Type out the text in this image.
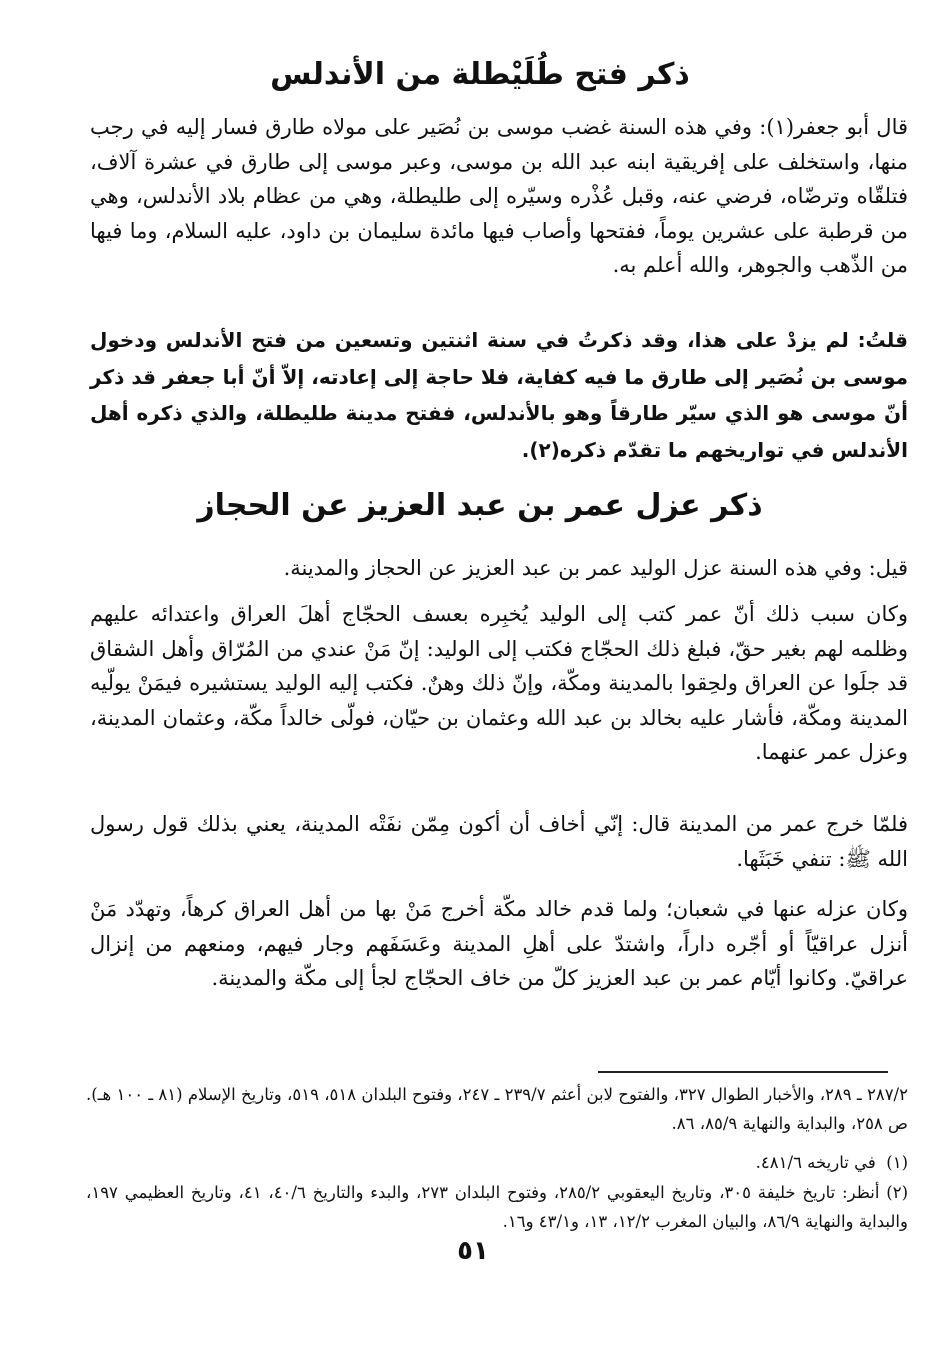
ذكر فتح طُلَيْطلة من الأندلس

قال أبو جعفر(١): وفي هذه السنة غضب موسى بن نُصَير على مولاه طارق فسار إليه في رجب منها، واستخلف على إفريقية ابنه عبد الله بن موسى، وعبر موسى إلى طارق في عشرة آلاف، فتلقّاه وترضّاه، فرضي عنه، وقبل عُذْره وسيّره إلى طليطلة، وهي من عظام بلاد الأندلس، وهي من قرطبة على عشرين يوماً، ففتحها وأصاب فيها مائدة سليمان بن داود، عليه السلام، وما فيها من الذّهب والجوهر، والله أعلم به.

قلتُ: لم يزدْ على هذا، وقد ذكرتُ في سنة اثنتين وتسعين من فتح الأندلس ودخول موسى بن نُصَير إلى طارق ما فيه كفاية، فلا حاجة إلى إعادته، إلاّ أنّ أبا جعفر قد ذكر أنّ موسى هو الذي سيّر طارقاً وهو بالأندلس، ففتح مدينة طليطلة، والذي ذكره أهل الأندلس في تواريخهم ما تقدّم ذكره(٢).

ذكر عزل عمر بن عبد العزيز عن الحجاز

قيل: وفي هذه السنة عزل الوليد عمر بن عبد العزيز عن الحجاز والمدينة.

وكان سبب ذلك أنّ عمر كتب إلى الوليد يُخبِره بعسف الحجّاج أهلَ العراق واعتدائه عليهم وظلمه لهم بغير حقّ، فبلغ ذلك الحجّاج فكتب إلى الوليد: إنّ مَنْ عندي من المُرّاق وأهل الشقاق قد جلَوا عن العراق ولحِقوا بالمدينة ومكّة، وإنّ ذلك وهنٌ. فكتب إليه الوليد يستشيره فيمَنْ يولّيه المدينة ومكّة، فأشار عليه بخالد بن عبد الله وعثمان بن حيّان، فولّى خالداً مكّة، وعثمان المدينة، وعزل عمر عنهما.

فلمّا خرج عمر من المدينة قال: إنّي أخاف أن أكون مِمّن نفَتْه المدينة، يعني بذلك قول رسول الله ﷺ: تنفي خَبَثَها.

وكان عزله عنها في شعبان؛ ولما قدم خالد مكّة أخرج مَنْ بها من أهل العراق كرهاً، وتهدّد مَنْ أنزل عراقيّاً أو أجّره داراً، واشتدّ على أهلِ المدينة وعَسَفَهم وجار فيهم، ومنعهم من إنزال عراقيّ. وكانوا أيّام عمر بن عبد العزيز كلّ من خاف الحجّاج لجأ إلى مكّة والمدينة.

٢٨٧/٢ ـ ٢٨٩، والأخبار الطوال ٣٢٧، والفتوح لابن أعثم ٢٣٩/٧ ـ ٢٤٧، وفتوح البلدان ٥١٨، ٥١٩، وتاريخ الإسلام (٨١ ـ ١٠٠ هـ). ص ٢٥٨، والبداية والنهاية ٨٥/٩، ٨٦.

(١)  في تاريخه ٤٨١/٦.

(٢) أنظر: تاريخ خليفة ٣٠٥، وتاريخ اليعقوبي ٢٨٥/٢، وفتوح البلدان ٢٧٣، والبدء والتاريخ ٤٠/٦، ٤١، وتاريخ العظيمي ١٩٧، والبداية والنهاية ٨٦/٩، والبيان المغرب ١٢/٢، ١٣، و٤٣/١ و١٦.

٥١
